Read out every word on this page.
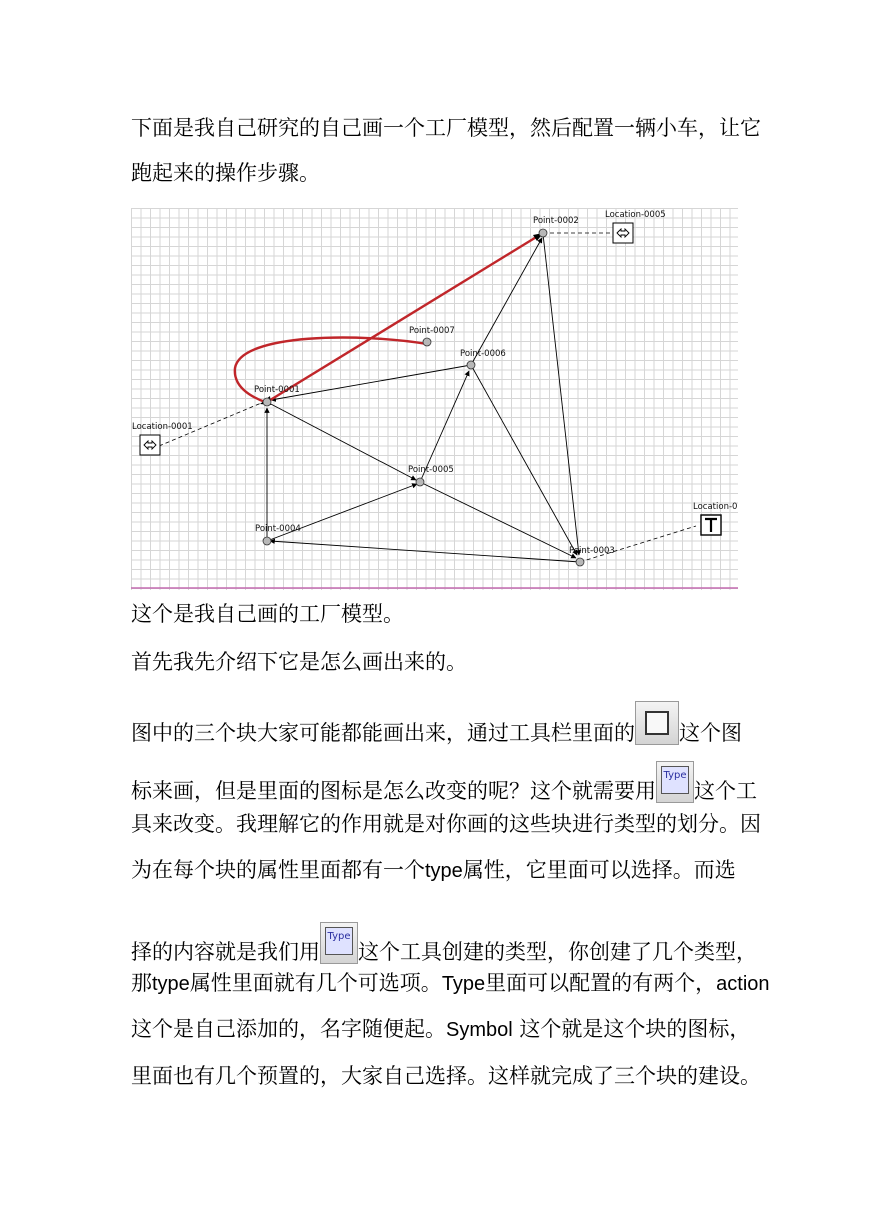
下面是我自己研究的自己画一个工厂模型，然后配置一辆小车，让它
跑起来的操作步骤。
Point-0001
Point-0002
Point-0003
Point-0004
Point-0005
Point-0006
Point-0007
Location-0005
Location-0001
Location-0
这个是我自己画的工厂模型。
首先我先介绍下它是怎么画出来的。
图中的三个块大家可能都能画出来，通过工具栏里面的 这个图
标来画，但是里面的图标是怎么改变的呢？这个就需要用
Type
这个工
具来改变。我理解它的作用就是对你画的这些块进行类型的划分。因
为在每个块的属性里面都有一个type属性，它里面可以选择。而选
择的内容就是我们用
Type
这个工具创建的类型，你创建了几个类型，
那type属性里面就有几个可选项。Type里面可以配置的有两个，action
这个是自己添加的，名字随便起。Symbol 这个就是这个块的图标，
里面也有几个预置的，大家自己选择。这样就完成了三个块的建设。
